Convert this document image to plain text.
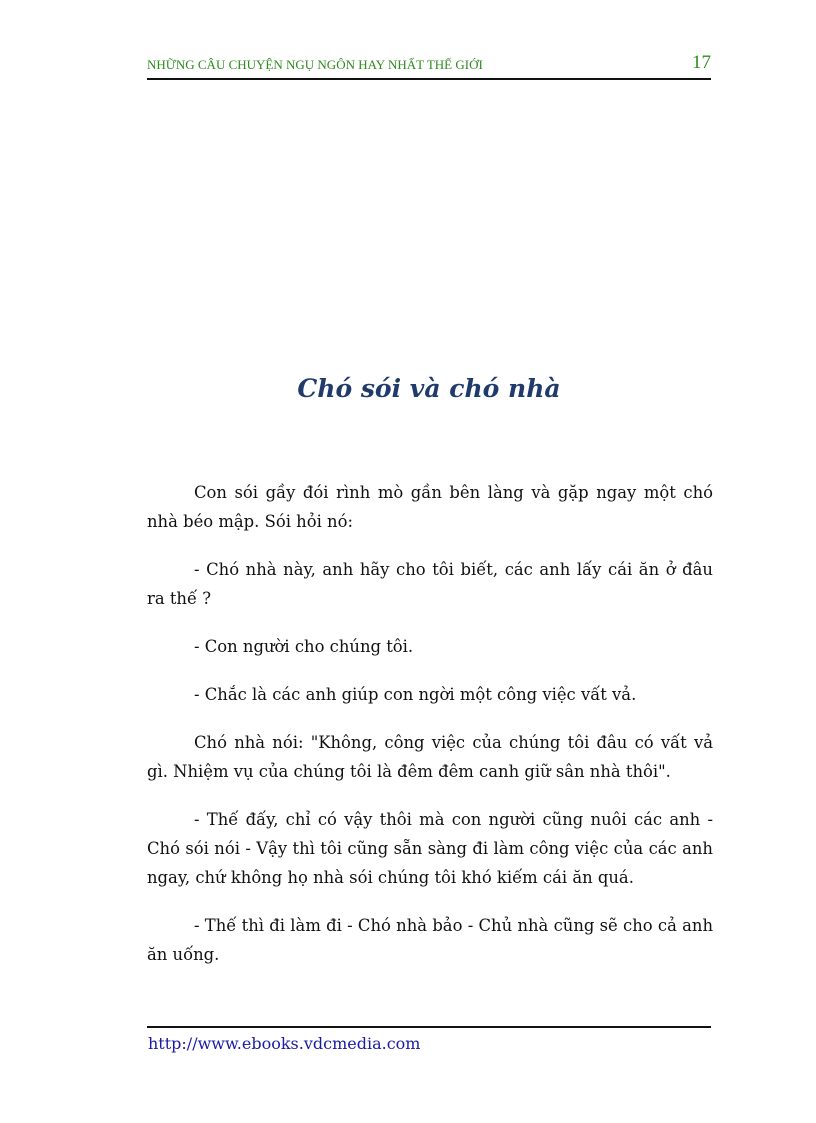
NHỮNG CÂU CHUYỆN NGỤ NGÔN HAY NHẤT THẾ GIỚI	17
Chó sói và chó nhà

Con sói gầy đói rình mò gần bên làng và gặp ngay một chó nhà béo mập. Sói hỏi nó:

- Chó nhà này, anh hãy cho tôi biết, các anh lấy cái ăn ở đâu ra thế ?

- Con người cho chúng tôi.

- Chắc là các anh giúp con ngời một công việc vất vả.

Chó nhà nói: "Không, công việc của chúng tôi đâu có vất vả gì. Nhiệm vụ của chúng tôi là đêm đêm canh giữ sân nhà thôi".

- Thế đấy, chỉ có vậy thôi mà con người cũng nuôi các anh - Chó sói nói - Vậy thì tôi cũng sẵn sàng đi làm công việc của các anh ngay, chứ không họ nhà sói chúng tôi khó kiếm cái ăn quá.

- Thế thì đi làm đi - Chó nhà bảo - Chủ nhà cũng sẽ cho cả anh ăn uống.

http://www.ebooks.vdcmedia.com
